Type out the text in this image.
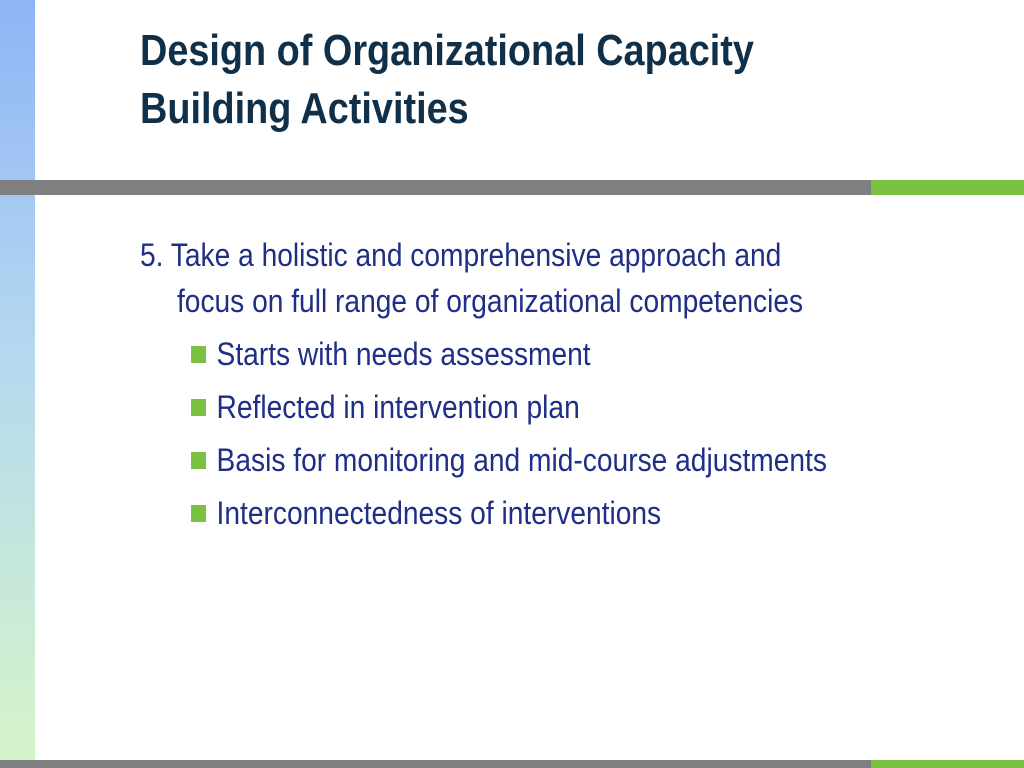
Design of Organizational Capacity
Building Activities

5. Take a holistic and comprehensive approach and
focus on full range of organizational competencies

Starts with needs assessment
Reflected in intervention plan
Basis for monitoring and mid-course adjustments
Interconnectedness of interventions
